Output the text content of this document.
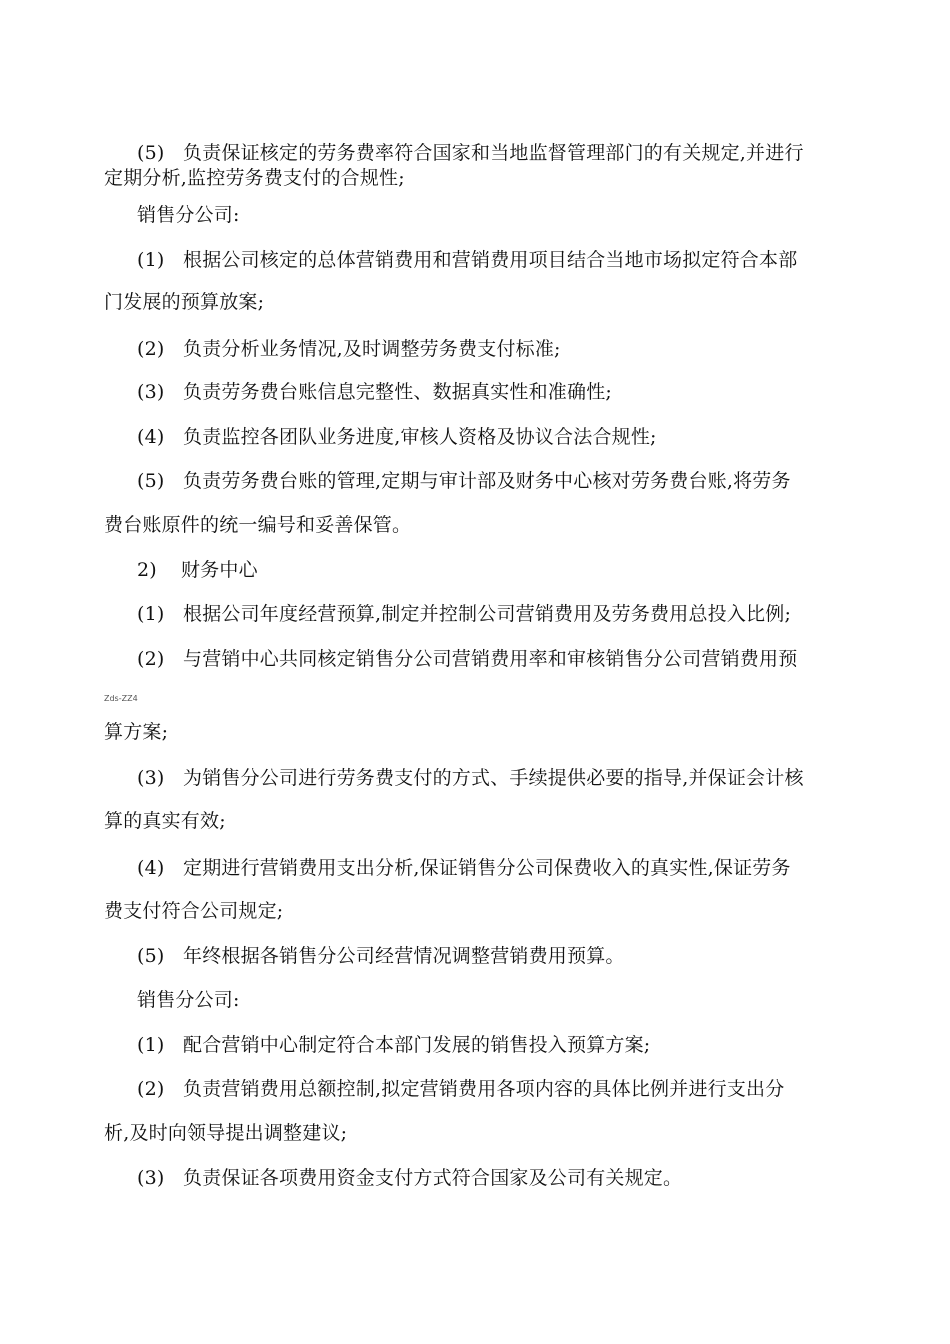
(5) 负责保证核定的劳务费率符合国家和当地监督管理部门的有关规定,并进行
定期分析,监控劳务费支付的合规性;
销售分公司:
(1) 根据公司核定的总体营销费用和营销费用项目结合当地市场拟定符合本部
门发展的预算放案;
(2) 负责分析业务情况,及时调整劳务费支付标准;
(3) 负责劳务费台账信息完整性、数据真实性和准确性;
(4) 负责监控各团队业务进度,审核人资格及协议合法合规性;
(5) 负责劳务费台账的管理,定期与审计部及财务中心核对劳务费台账,将劳务
费台账原件的统一编号和妥善保管。
2) 财务中心
(1) 根据公司年度经营预算,制定并控制公司营销费用及劳务费用总投入比例;
(2) 与营销中心共同核定销售分公司营销费用率和审核销售分公司营销费用预
Zds-ZZ4
算方案;
(3) 为销售分公司进行劳务费支付的方式、手续提供必要的指导,并保证会计核
算的真实有效;
(4) 定期进行营销费用支出分析,保证销售分公司保费收入的真实性,保证劳务
费支付符合公司规定;
(5) 年终根据各销售分公司经营情况调整营销费用预算。
销售分公司:
(1) 配合营销中心制定符合本部门发展的销售投入预算方案;
(2) 负责营销费用总额控制,拟定营销费用各项内容的具体比例并进行支出分
析,及时向领导提出调整建议;
(3) 负责保证各项费用资金支付方式符合国家及公司有关规定。
